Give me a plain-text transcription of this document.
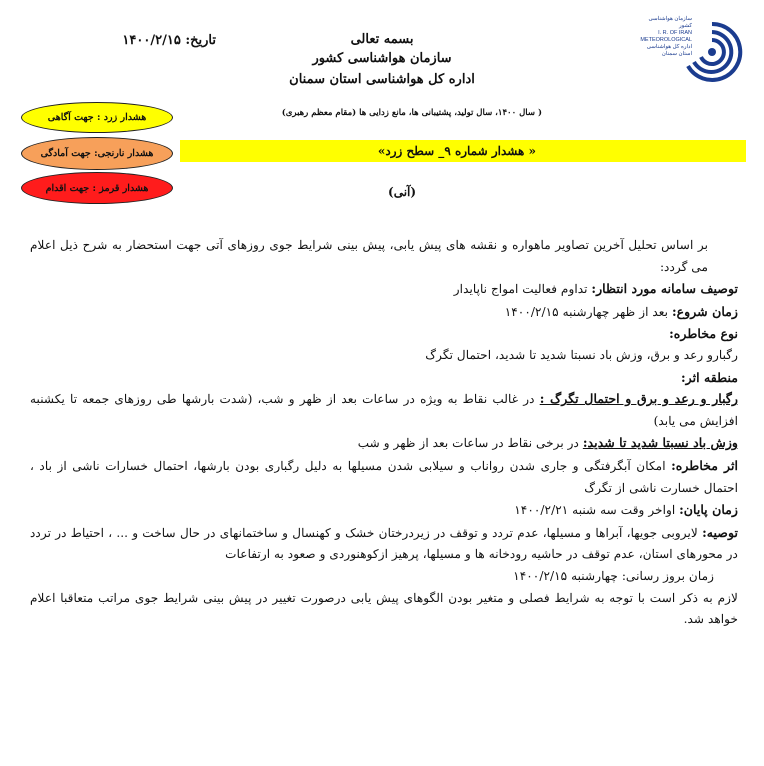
سازمان هواشناسی کشور
I. R. OF IRAN
METEOROLOGICAL
اداره کل هواشناسی استان سمنان
بسمه تعالی
سازمان هواشناسی کشور
اداره کل هواشناسی استان سمنان
تاریخ: ۱۴۰۰/۲/۱۵
هشدار زرد : جهت آگاهی
هشدار نارنجی: جهت آمادگی
هشدار قرمز : جهت اقدام
( سال ۱۴۰۰، سال تولید، پشتیبانی ها، مانع زدایی ها (مقام معظم رهبری)
« هشدار شماره ۹_ سطح زرد»
(آنی)

بر اساس تحلیل آخرین تصاویر ماهواره و نقشه های پیش یابی، پیش بینی شرایط جوی روزهای آتی جهت استحضار به شرح ذیل اعلام می گردد:

توصیف سامانه مورد انتظار: تداوم فعالیت امواج ناپایدار

زمان شروع: بعد از ظهر چهارشنبه ۱۴۰۰/۲/۱۵

نوع مخاطره:

رگبارو رعد و برق، وزش باد نسبتا شدید تا شدید، احتمال تگرگ

منطقه اثر:

رگبار و رعد و برق و احتمال تگرگ : در غالب نقاط به ویژه در ساعات بعد از ظهر و شب، (شدت بارشها طی روزهای جمعه تا یکشنبه افزایش می یابد)

وزش باد نسبتا شدید تا شدید: در برخی نقاط در ساعات بعد از ظهر و شب

اثر مخاطره: امکان آبگرفتگی و جاری شدن رواناب و سیلابی شدن مسیلها به دلیل رگباری بودن بارشها، احتمال خسارات ناشی از باد ، احتمال خسارت ناشی از تگرگ

زمان پایان: اواخر وقت سه شنبه ۱۴۰۰/۲/۲۱

توصیه: لایروبی جویها، آبراها و مسیلها، عدم تردد و توقف در زیردرختان خشک و کهنسال و ساختمانهای در حال ساخت و ... ، احتیاط در تردد در محورهای استان، عدم توقف در حاشیه رودخانه ها و مسیلها، پرهیز ازکوهنوردی و صعود به ارتفاعات

زمان بروز رسانی: چهارشنبه ۱۴۰۰/۲/۱۵

لازم به ذکر است با توجه به شرایط فصلی و متغیر بودن الگوهای پیش یابی درصورت تغییر در پیش بینی شرایط جوی مراتب متعاقبا اعلام خواهد شد.
